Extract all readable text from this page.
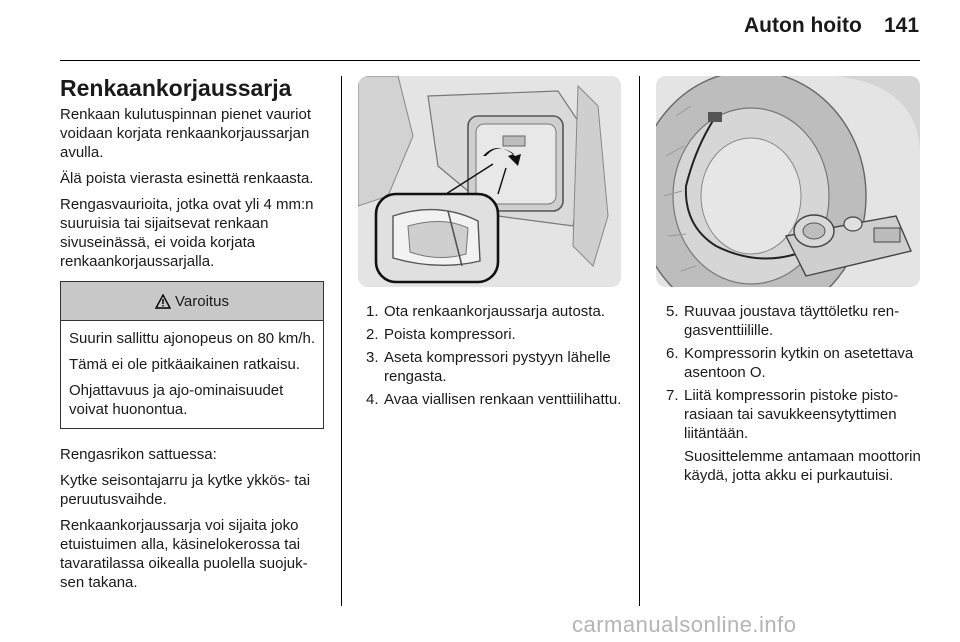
Auton hoito 141
Renkaankorjaussarja

Renkaan kulutuspinnan pienet vauriot voidaan korjata renkaankorjaussarjan avulla.

Älä poista vierasta esinettä renkaasta.

Rengasvaurioita, jotka ovat yli 4 mm:n suuruisia tai sijaitsevat renkaan sivuseinässä, ei voida korjata renkaankorjaussarjalla.

Varoitus

Suurin sallittu ajonopeus on 80 km/h.

Tämä ei ole pitkäaikainen ratkaisu.

Ohjattavuus ja ajo-ominaisuudet voivat huonontua.

Rengasrikon sattuessa:

Kytke seisontajarru ja kytke ykkös- tai peruutusvaihde.

Renkaankorjaussarja voi sijaita joko etuistuimen alla, käsinelokerossa tai tavaratilassa oikealla puolella suojuksen takana.

1. Ota renkaankorjaussarja autosta.
2. Poista kompressori.
3. Aseta kompressori pystyyn lähelle rengasta.
4. Avaa viallisen renkaan venttiilihattu.
5. Ruuvaa joustava täyttöletku rengasventtiilille.
6. Kompressorin kytkin on asetettava asentoon O.
7. Liitä kompressorin pistoke pistorasiaan tai savukkeensytyttimen liitäntään.
Suosittelemme antamaan moottorin käydä, jotta akku ei purkautuisi.
carmanualsonline.info
